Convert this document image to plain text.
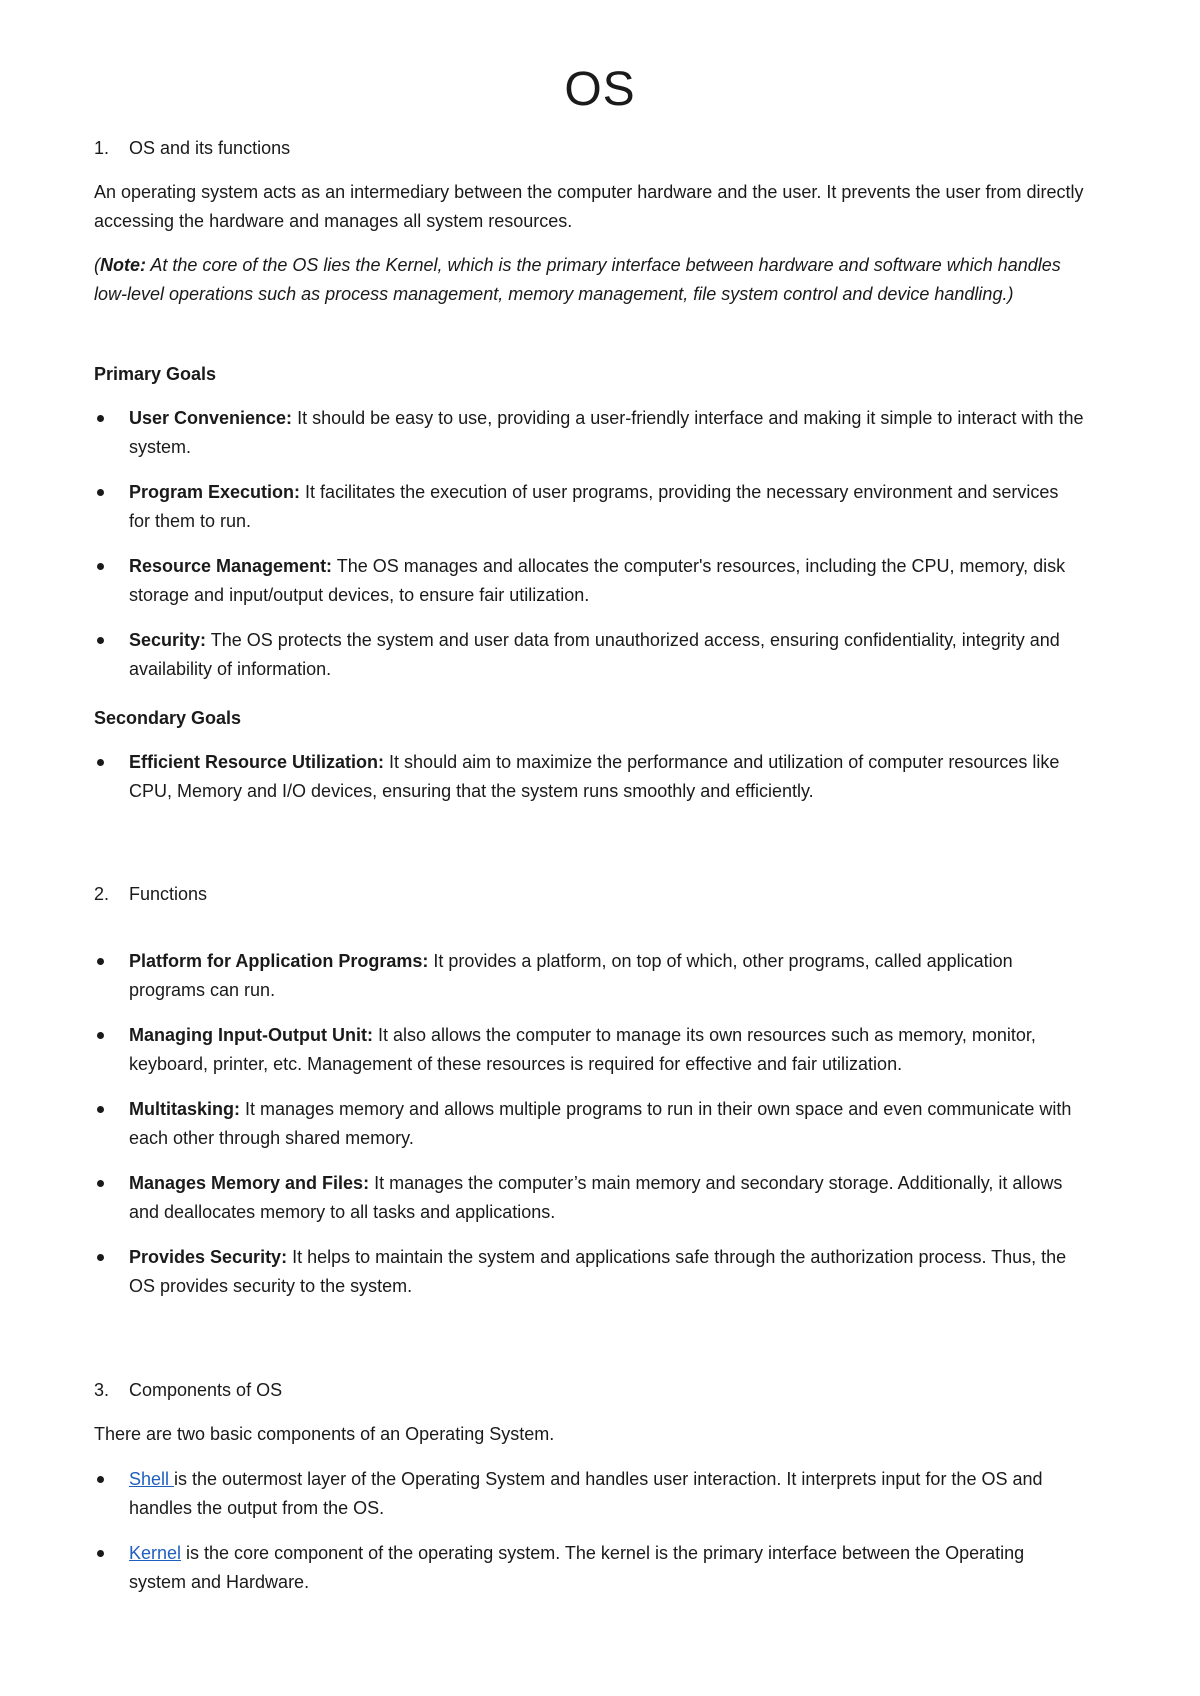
OS
1.	OS and its functions

An operating system acts as an intermediary between the computer hardware and the user. It prevents the user from directly accessing the hardware and manages all system resources.

(Note: At the core of the OS lies the Kernel, which is the primary interface between hardware and software which handles low-level operations such as process management, memory management, file system control and device handling.)

Primary Goals

User Convenience: It should be easy to use, providing a user-friendly interface and making it simple to interact with the system.
Program Execution: It facilitates the execution of user programs, providing the necessary environment and services for them to run.
Resource Management: The OS manages and allocates the computer's resources, including the CPU, memory, disk storage and input/output devices, to ensure fair utilization.
Security: The OS protects the system and user data from unauthorized access, ensuring confidentiality, integrity and availability of information.

Secondary Goals

Efficient Resource Utilization: It should aim to maximize the performance and utilization of computer resources like CPU, Memory and I/O devices, ensuring that the system runs smoothly and efficiently.
2.	Functions
Platform for Application Programs: It provides a platform, on top of which, other programs, called application programs can run.
Managing Input-Output Unit: It also allows the computer to manage its own resources such as memory, monitor, keyboard, printer, etc. Management of these resources is required for effective and fair utilization.
Multitasking: It manages memory and allows multiple programs to run in their own space and even communicate with each other through shared memory.
Manages Memory and Files: It manages the computer’s main memory and secondary storage. Additionally, it allows and deallocates memory to all tasks and applications.
Provides Security: It helps to maintain the system and applications safe through the authorization process. Thus, the OS provides security to the system.
3.	Components of OS

There are two basic components of an Operating System.

Shell is the outermost layer of the Operating System and handles user interaction. It interprets input for the OS and handles the output from the OS.
Kernel is the core component of the operating system. The kernel is the primary interface between the Operating system and Hardware.
